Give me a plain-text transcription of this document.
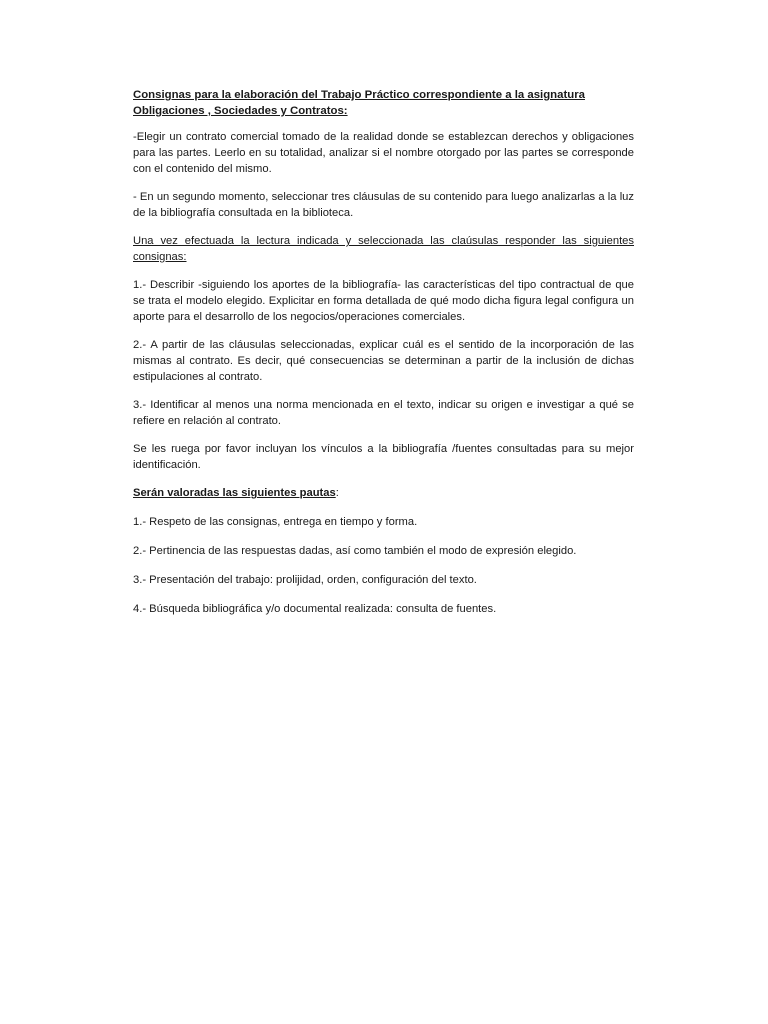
Consignas para la elaboración del Trabajo Práctico correspondiente a la asignatura Obligaciones , Sociedades y Contratos:

-Elegir un contrato comercial tomado de la realidad donde se establezcan derechos y obligaciones para las partes. Leerlo en su totalidad, analizar si el nombre otorgado por las partes se corresponde con el contenido del mismo.

- En un segundo momento, seleccionar tres cláusulas de su contenido para luego analizarlas a la luz de la bibliografía consultada en la biblioteca.

Una vez efectuada la lectura indicada y seleccionada las claúsulas responder las siguientes consignas:

1.- Describir -siguiendo los aportes de la bibliografía- las características del tipo contractual de que se trata el modelo elegido. Explicitar en forma detallada de qué modo dicha figura legal configura un aporte para el desarrollo de los negocios/operaciones comerciales.

2.- A partir de las cláusulas seleccionadas, explicar cuál es el sentido de la incorporación de las mismas al contrato. Es decir, qué consecuencias se determinan a partir de la inclusión de dichas estipulaciones al contrato.

3.- Identificar al menos una norma mencionada en el texto, indicar su origen e investigar a qué se refiere en relación al contrato.

Se les ruega por favor incluyan los vínculos a la bibliografía /fuentes consultadas para su mejor identificación.

Serán valoradas las siguientes pautas:

1.- Respeto de las consignas, entrega en tiempo y forma.

2.- Pertinencia de las respuestas dadas, así como también el modo de expresión elegido.

3.- Presentación del trabajo: prolijidad, orden, configuración del texto.

4.- Búsqueda bibliográfica y/o documental realizada: consulta de fuentes.
